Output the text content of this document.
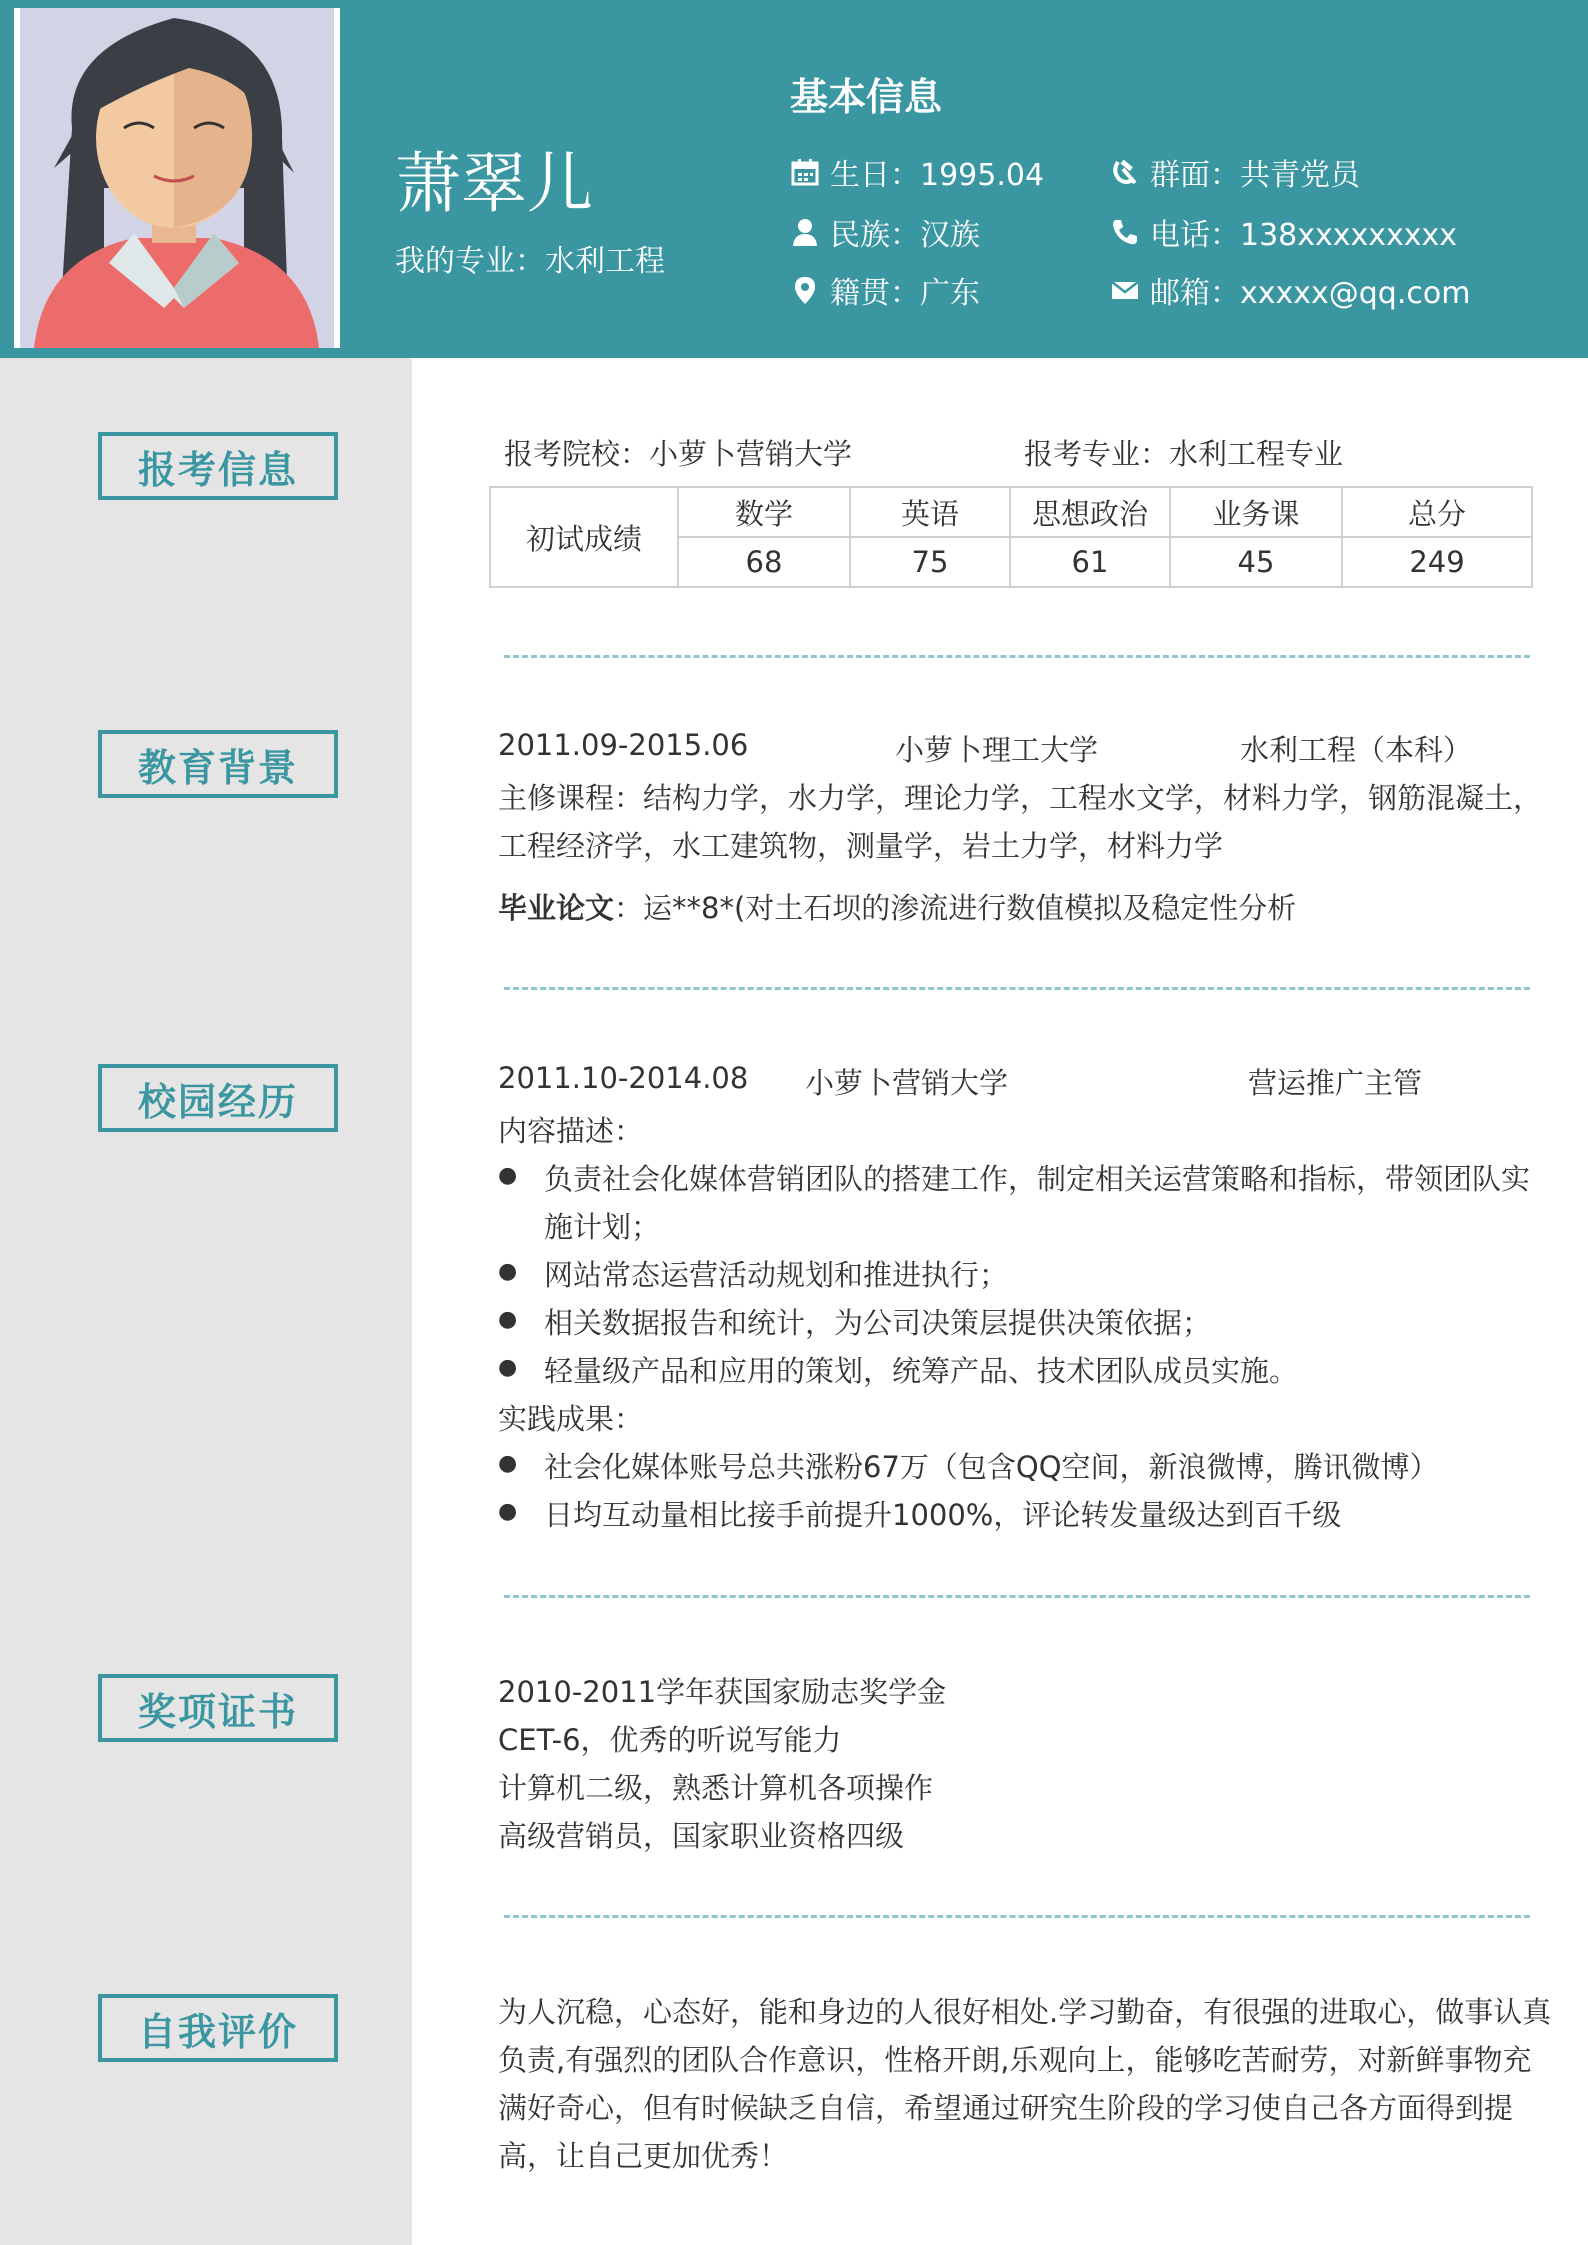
萧翠儿
我的专业：水利工程
基本信息
生日：1995.04
民族：汉族
籍贯：广东
群面：共青党员
电话：138xxxxxxxxx
邮箱：xxxxx@qq.com
报考信息
教育背景
校园经历
奖项证书
自我评价
报考院校：小萝卜营销大学	报考专业：水利工程专业
初试成绩	数学	英语	思想政治	业务课	总分
	68	75	61	45	249
2011.09-2015.06	小萝卜理工大学	水利工程（本科）
主修课程：结构力学，水力学，理论力学，工程水文学，材料力学，钢筋混凝土，
工程经济学，水工建筑物，测量学，岩土力学，材料力学
毕业论文：运**8*(对土石坝的渗流进行数值模拟及稳定性分析
2011.10-2014.08 小萝卜营销大学	营运推广主管
内容描述：
● 负责社会化媒体营销团队的搭建工作，制定相关运营策略和指标，带领团队实
施计划；
● 网站常态运营活动规划和推进执行；
● 相关数据报告和统计，为公司决策层提供决策依据；
● 轻量级产品和应用的策划，统筹产品、技术团队成员实施。
实践成果：
● 社会化媒体账号总共涨粉67万（包含QQ空间，新浪微博，腾讯微博）
● 日均互动量相比接手前提升1000%，评论转发量级达到百千级
2010-2011学年获国家励志奖学金
CET-6，优秀的听说写能力
计算机二级，熟悉计算机各项操作
高级营销员，国家职业资格四级
为人沉稳，心态好，能和身边的人很好相处.学习勤奋，有很强的进取心，做事认真
负责,有强烈的团队合作意识，性格开朗,乐观向上，能够吃苦耐劳，对新鲜事物充
满好奇心，但有时候缺乏自信，希望通过研究生阶段的学习使自己各方面得到提
高，让自己更加优秀！
